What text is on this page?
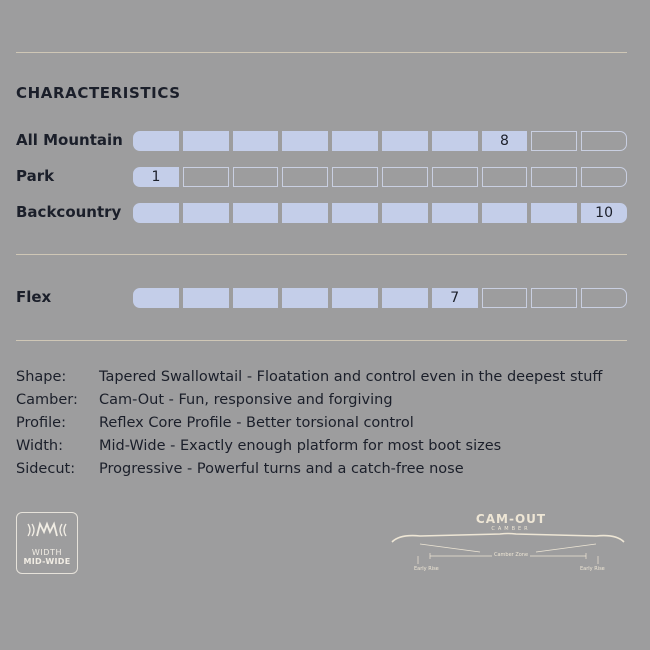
CHARACTERISTICS
All Mountain	8
Park	1
Backcountry	10
Flex	7
Shape: Tapered Swallowtail - Floatation and control even in the deepest stuff
Camber: Cam-Out - Fun, responsive and forgiving
Profile: Reflex Core Profile - Better torsional control
Width: Mid-Wide - Exactly enough platform for most boot sizes
Sidecut: Progressive - Powerful turns and a catch-free nose
WIDTH
MID-WIDE
CAM-OUT
CAMBER
Camber Zone
Early Rise	Early Rise
